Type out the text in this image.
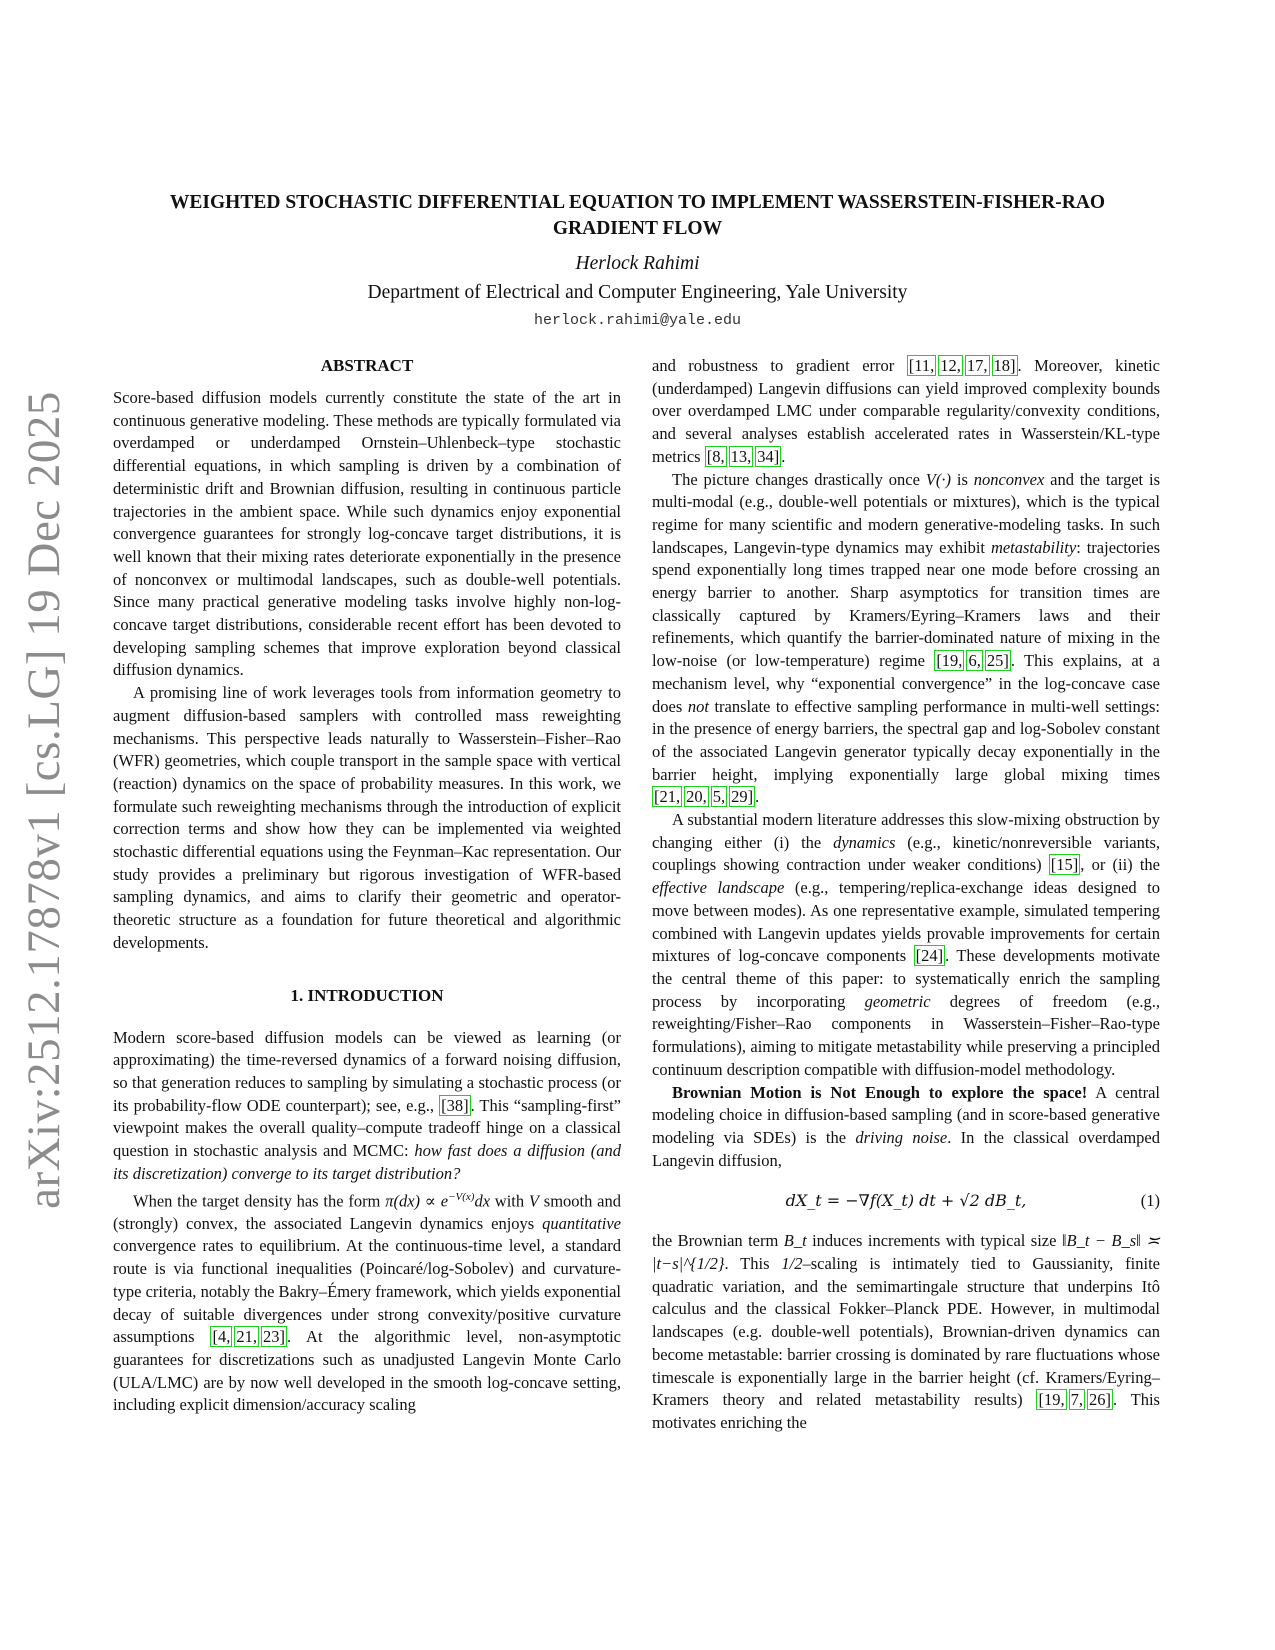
arXiv:2512.17878v1 [cs.LG] 19 Dec 2025
WEIGHTED STOCHASTIC DIFFERENTIAL EQUATION TO IMPLEMENT WASSERSTEIN-FISHER-RAO GRADIENT FLOW
Herlock Rahimi
Department of Electrical and Computer Engineering, Yale University
herlock.rahimi@yale.edu
ABSTRACT

Score-based diffusion models currently constitute the state of the art in continuous generative modeling. These methods are typically formulated via overdamped or underdamped Ornstein–Uhlenbeck–type stochastic differential equations, in which sampling is driven by a combination of deterministic drift and Brownian diffusion, resulting in continuous particle trajectories in the ambient space. While such dynamics enjoy exponential convergence guarantees for strongly log-concave target distributions, it is well known that their mixing rates deteriorate exponentially in the presence of nonconvex or multimodal landscapes, such as double-well potentials. Since many practical generative modeling tasks involve highly non-log-concave target distributions, considerable recent effort has been devoted to developing sampling schemes that improve exploration beyond classical diffusion dynamics.

A promising line of work leverages tools from information geometry to augment diffusion-based samplers with controlled mass reweighting mechanisms. This perspective leads naturally to Wasserstein–Fisher–Rao (WFR) geometries, which couple transport in the sample space with vertical (reaction) dynamics on the space of probability measures. In this work, we formulate such reweighting mechanisms through the introduction of explicit correction terms and show how they can be implemented via weighted stochastic differential equations using the Feynman–Kac representation. Our study provides a preliminary but rigorous investigation of WFR-based sampling dynamics, and aims to clarify their geometric and operator-theoretic structure as a foundation for future theoretical and algorithmic developments.

1. INTRODUCTION

Modern score-based diffusion models can be viewed as learning (or approximating) the time-reversed dynamics of a forward noising diffusion, so that generation reduces to sampling by simulating a stochastic process (or its probability-flow ODE counterpart); see, e.g., [38] . This “sampling-first” viewpoint makes the overall quality–compute tradeoff hinge on a classical question in stochastic analysis and MCMC: how fast does a diffusion (and its discretization) converge to its target distribution?

When the target density has the form $\pi(dx) \propto e^{-V(x)}dx$ with V smooth and (strongly) convex, the associated Langevin dynamics enjoys quantitative convergence rates to equilibrium. At the continuous-time level, a standard route is via functional inequalities (Poincaré/log-Sobolev) and curvature-type criteria, notably the Bakry–Émery framework, which yields exponential decay of suitable divergences under strong convexity/positive curvature assumptions [4, 21, 23] . At the algorithmic level, non-asymptotic guarantees for discretizations such as unadjusted Langevin Monte Carlo (ULA/LMC) are by now well developed in the smooth log-concave setting, including explicit dimension/accuracy scaling

and robustness to gradient error [11, 12, 17, 18] . Moreover, kinetic (underdamped) Langevin diffusions can yield improved complexity bounds over overdamped LMC under comparable regularity/convexity conditions, and several analyses establish accelerated rates in Wasserstein/KL-type metrics [8, 13, 34] .

The picture changes drastically once V(·) is nonconvex and the target is multi-modal (e.g., double-well potentials or mixtures), which is the typical regime for many scientific and modern generative-modeling tasks. In such landscapes, Langevin-type dynamics may exhibit metastability: trajectories spend exponentially long times trapped near one mode before crossing an energy barrier to another. Sharp asymptotics for transition times are classically captured by Kramers/Eyring–Kramers laws and their refinements, which quantify the barrier-dominated nature of mixing in the low-noise (or low-temperature) regime [19, 6, 25] . This explains, at a mechanism level, why “exponential convergence” in the log-concave case does not translate to effective sampling performance in multi-well settings: in the presence of energy barriers, the spectral gap and log-Sobolev constant of the associated Langevin generator typically decay exponentially in the barrier height, implying exponentially large global mixing times [21, 20, 5, 29] .

A substantial modern literature addresses this slow-mixing obstruction by changing either (i) the dynamics (e.g., kinetic/nonreversible variants, couplings showing contraction under weaker conditions) [15] , or (ii) the effective landscape (e.g., tempering/replica-exchange ideas designed to move between modes). As one representative example, simulated tempering combined with Langevin updates yields provable improvements for certain mixtures of log-concave components [24] . These developments motivate the central theme of this paper: to systematically enrich the sampling process by incorporating geometric degrees of freedom (e.g., reweighting/Fisher–Rao components in Wasserstein–Fisher–Rao-type formulations), aiming to mitigate metastability while preserving a principled continuum description compatible with diffusion-model methodology.

Brownian Motion is Not Enough to explore the space! A central modeling choice in diffusion-based sampling (and in score-based generative modeling via SDEs) is the driving noise. In the classical overdamped Langevin diffusion,

dX_t = −∇f(X_t) dt + √2 dB_t,	(1)

the Brownian term B_t induces increments with typical size ‖B_t − B_s‖ ≍ |t−s|^{1/2}. This 1/2–scaling is intimately tied to Gaussianity, finite quadratic variation, and the semimartingale structure that underpins Itô calculus and the classical Fokker–Planck PDE. However, in multimodal landscapes (e.g. double-well potentials), Brownian-driven dynamics can become metastable: barrier crossing is dominated by rare fluctuations whose timescale is exponentially large in the barrier height (cf. Kramers/Eyring–Kramers theory and related metastability results) [19, 7, 26] . This motivates enriching the
